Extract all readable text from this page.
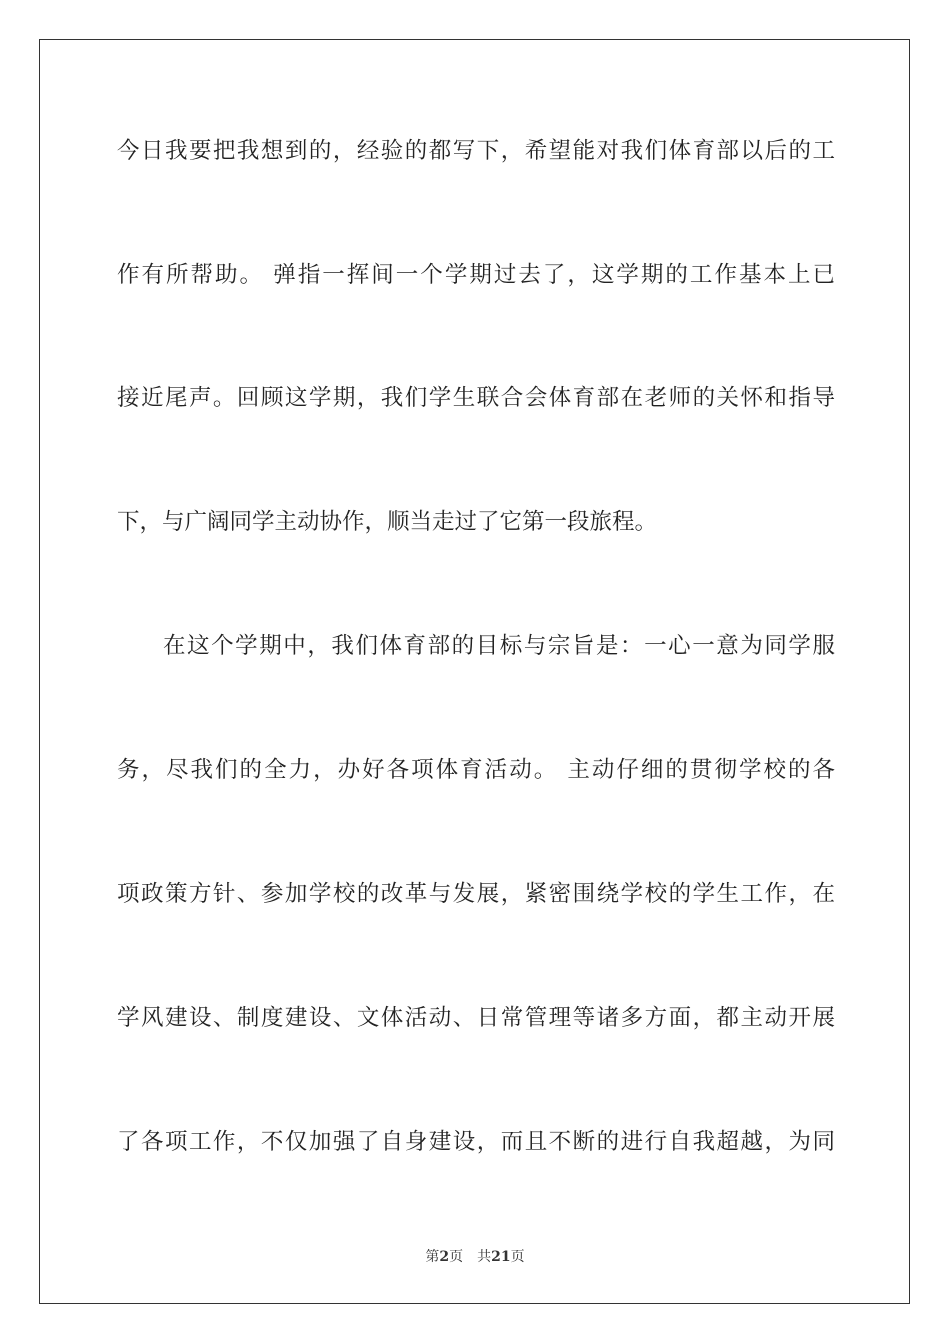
今日我要把我想到的，经验的都写下，希望能对我们体育部以后的工
作有所帮助。 弹指一挥间一个学期过去了，这学期的工作基本上已
接近尾声。回顾这学期，我们学生联合会体育部在老师的关怀和指导
下，与广阔同学主动协作，顺当走过了它第一段旅程。
在这个学期中，我们体育部的目标与宗旨是：一心一意为同学服
务，尽我们的全力，办好各项体育活动。 主动仔细的贯彻学校的各
项政策方针、参加学校的改革与发展，紧密围绕学校的学生工作，在
学风建设、制度建设、文体活动、日常管理等诸多方面，都主动开展
了各项工作，不仅加强了自身建设，而且不断的进行自我超越，为同
第2页 共21页
